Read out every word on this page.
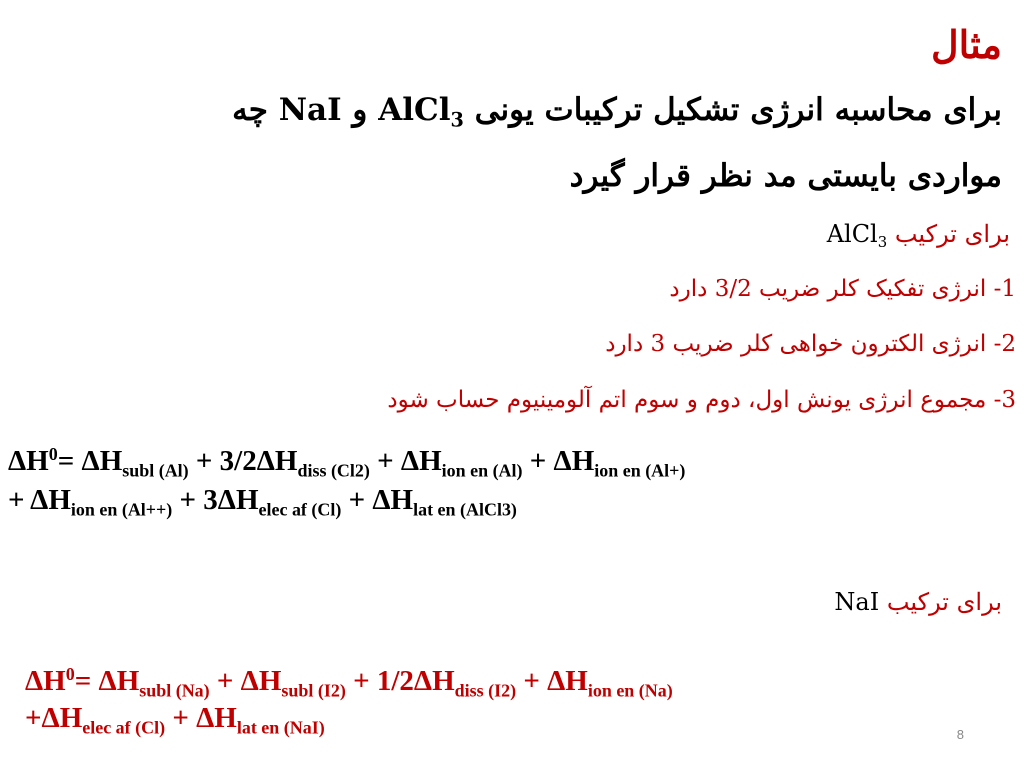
مثال
برای محاسبه انرژی تشکیل ترکیبات یونی AlCl$_3$ و NaI چه
مواردی بایستی مد نظر قرار گیرد
برای ترکیب AlCl$_3$
1- انرژی تفکیک کلر ضریب 3/2 دارد
2- انرژی الکترون خواهی کلر ضریب 3 دارد
3- مجموع انرژی یونش اول، دوم و سوم اتم آلومینیوم حساب شود
$\Delta H^0= \Delta H_{subl (Al)} + 3/2\Delta H_{diss (Cl2)} + \Delta H_{ion en (Al)} + \Delta H_{ion en (Al+)}$
+ $\Delta H_{ion en (Al++)} + 3\Delta H_{elec af (Cl)} + \Delta H_{lat en (AlCl3)}$
برای ترکیب NaI
$\Delta H^0= \Delta H_{subl (Na)} + \Delta H_{subl (I2)} + 1/2\Delta H_{diss (I2)} + \Delta H_{ion en (Na)}$
$+\Delta H_{elec af (Cl)} + \Delta H_{lat en (NaI)}$	8
